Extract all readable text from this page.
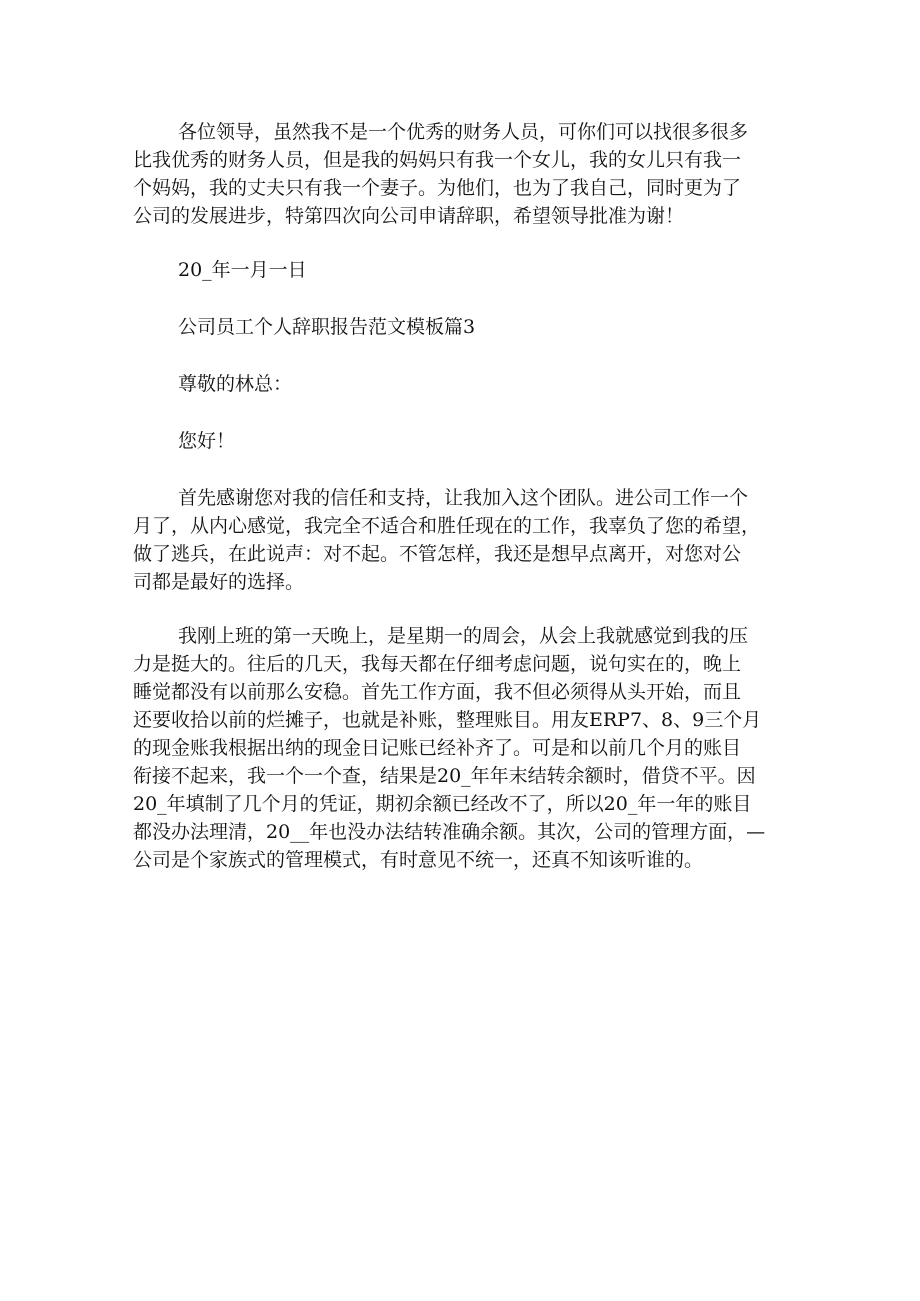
各位领导，虽然我不是一个优秀的财务人员，可你们可以找很多很多
比我优秀的财务人员，但是我的妈妈只有我一个女儿，我的女儿只有我一
个妈妈，我的丈夫只有我一个妻子。为他们，也为了我自己，同时更为了
公司的发展进步，特第四次向公司申请辞职，希望领导批准为谢！
20_年一月一日
公司员工个人辞职报告范文模板篇3
尊敬的林总：
您好！
首先感谢您对我的信任和支持，让我加入这个团队。进公司工作一个
月了，从内心感觉，我完全不适合和胜任现在的工作，我辜负了您的希望，
做了逃兵，在此说声：对不起。不管怎样，我还是想早点离开，对您对公
司都是最好的选择。
我刚上班的第一天晚上，是星期一的周会，从会上我就感觉到我的压
力是挺大的。往后的几天，我每天都在仔细考虑问题，说句实在的，晚上
睡觉都没有以前那么安稳。首先工作方面，我不但必须得从头开始，而且
还要收拾以前的烂摊子，也就是补账，整理账目。用友ERP7、8、9三个月
的现金账我根据出纳的现金日记账已经补齐了。可是和以前几个月的账目
衔接不起来，我一个一个查，结果是20_年年末结转余额时，借贷不平。因
20_年填制了几个月的凭证，期初余额已经改不了，所以20_年一年的账目
都没办法理清，20__年也没办法结转准确余额。其次，公司的管理方面，—
公司是个家族式的管理模式，有时意见不统一，还真不知该听谁的。
